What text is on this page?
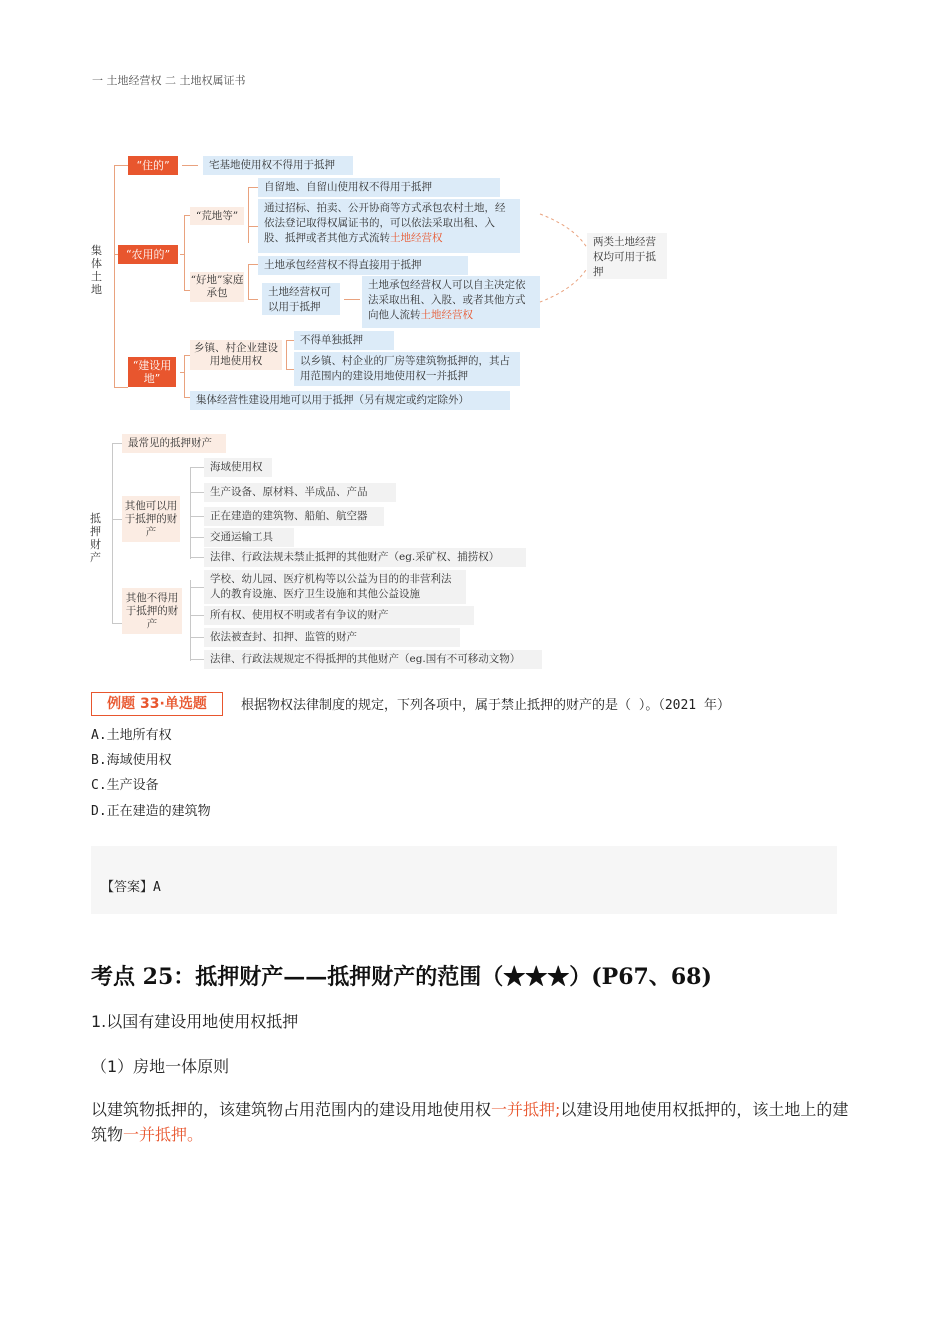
一 土地经营权 二 土地权属证书
集体土地
“住的”	宅基地使用权不得用于抵押
“农用的”
“荒地等”
自留地、自留山使用权不得用于抵押
通过招标、拍卖、公开协商等方式承包农村土地，经依法登记取得权属证书的，可以依法采取出租、入股、抵押或者其他方式流转土地经营权
“好地”家庭承包
土地承包经营权不得直接用于抵押
土地经营权可以用于抵押
土地承包经营权人可以自主决定依法采取出租、入股、或者其他方式向他人流转土地经营权
两类土地经营权均可用于抵押
“建设用地”
乡镇、村企业建设用地使用权
不得单独抵押
以乡镇、村企业的厂房等建筑物抵押的，其占用范围内的建设用地使用权一并抵押
集体经营性建设用地可以用于抵押（另有规定或约定除外）
抵押财产
最常见的抵押财产
其他可以用于抵押的财产
海域使用权
生产设备、原材料、半成品、产品
正在建造的建筑物、船舶、航空器
交通运输工具
法律、行政法规未禁止抵押的其他财产（eg.采矿权、捕捞权）
其他不得用于抵押的财产
学校、幼儿园、医疗机构等以公益为目的的非营利法人的教育设施、医疗卫生设施和其他公益设施
所有权、使用权不明或者有争议的财产
依法被查封、扣押、监管的财产
法律、行政法规规定不得抵押的其他财产（eg.国有不可移动文物）
例题 33·单选题	根据物权法律制度的规定，下列各项中，属于禁止抵押的财产的是（ ）。（2021 年）
A.土地所有权
B.海域使用权
C.生产设备
D.正在建造的建筑物
【答案】A
考点 25：抵押财产——抵押财产的范围（★★★）(P67、68)
1.以国有建设用地使用权抵押
（1）房地一体原则
以建筑物抵押的，该建筑物占用范围内的建设用地使用权一并抵押;以建设用地使用权抵押的，该土地上的建筑物一并抵押。
